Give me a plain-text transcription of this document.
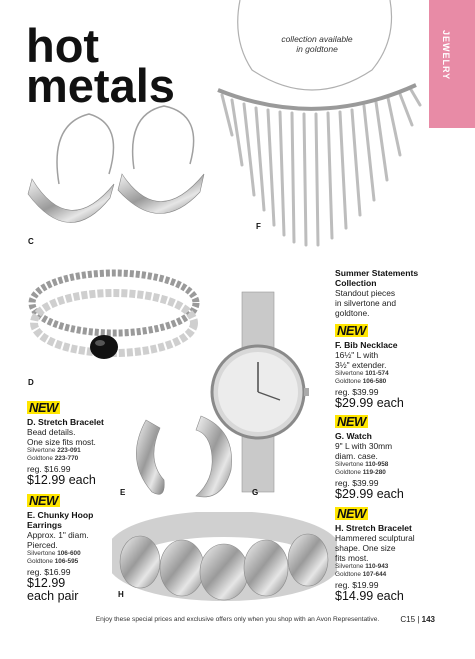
hot
metals
JEWELRY
collection available
in goldtone
C
F
D
G
E
H
Summer Statements
Collection
Standout pieces
in silvertone and
goldtone.
NEW
F. Bib Necklace
16½" L with
3½" extender.
Silvertone 101-574
Goldtone 106-580
reg. $39.99
$29.99 each
NEW
G. Watch
9" L with 30mm
diam. case.
Silvertone 110-958
Goldtone 119-280
reg. $39.99
$29.99 each
NEW
H. Stretch Bracelet
Hammered sculptural
shape. One size
fits most.
Silvertone 110-943
Goldtone 107-644
reg. $19.99
$14.99 each
NEW
D. Stretch Bracelet
Bead details.
One size fits most.
Silvertone 223-091
Goldtone 223-770
reg. $16.99
$12.99 each
NEW
E. Chunky Hoop
Earrings
Approx. 1" diam.
Pierced.
Silvertone 106-600
Goldtone 106-595
reg. $16.99
$12.99
each pair
Enjoy these special prices and exclusive offers only when you shop with an Avon Representative.	C15 | 143
